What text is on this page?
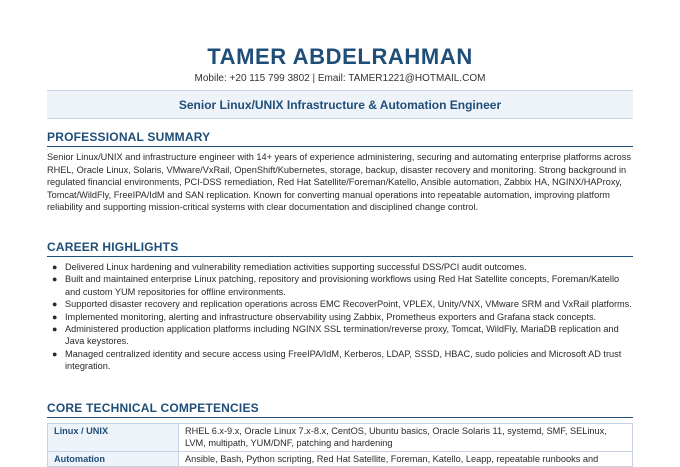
TAMER ABDELRAHMAN
Mobile: +20 115 799 3802 | Email: TAMER1221@HOTMAIL.COM
Senior Linux/UNIX Infrastructure & Automation Engineer
PROFESSIONAL SUMMARY

Senior Linux/UNIX and infrastructure engineer with 14+ years of experience administering, securing and automating enterprise platforms across RHEL, Oracle Linux, Solaris, VMware/VxRail, OpenShift/Kubernetes, storage, backup, disaster recovery and monitoring. Strong background in regulated financial environments, PCI-DSS remediation, Red Hat Satellite/Foreman/Katello, Ansible automation, Zabbix HA, NGINX/HAProxy, Tomcat/WildFly, FreeIPA/IdM and SAN replication. Known for converting manual operations into repeatable automation, improving platform reliability and supporting mission-critical systems with clear documentation and disciplined change control.

CAREER HIGHLIGHTS
● Delivered Linux hardening and vulnerability remediation activities supporting successful DSS/PCI audit outcomes.
● Built and maintained enterprise Linux patching, repository and provisioning workflows using Red Hat Satellite concepts, Foreman/Katello and custom YUM repositories for offline environments.
● Supported disaster recovery and replication operations across EMC RecoverPoint, VPLEX, Unity/VNX, VMware SRM and VxRail platforms.
● Implemented monitoring, alerting and infrastructure observability using Zabbix, Prometheus exporters and Grafana stack concepts.
● Administered production application platforms including NGINX SSL termination/reverse proxy, Tomcat, WildFly, MariaDB replication and Java keystores.
● Managed centralized identity and secure access using FreeIPA/IdM, Kerberos, LDAP, SSSD, HBAC, sudo policies and Microsoft AD trust integration.
CORE TECHNICAL COMPETENCIES
Linux / UNIX	RHEL 6.x-9.x, Oracle Linux 7.x-8.x, CentOS, Ubuntu basics, Oracle Solaris 11, systemd, SMF, SELinux, LVM, multipath, YUM/DNF, patching and hardening
Automation	Ansible, Bash, Python scripting, Red Hat Satellite, Foreman, Katello, Leapp, repeatable runbooks and
